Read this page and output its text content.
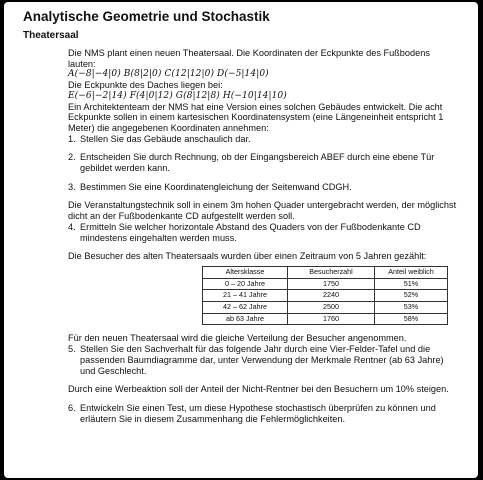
Analytische Geometrie und Stochastik
Theatersaal

Die NMS plant einen neuen Theatersaal. Die Koordinaten der Eckpunkte des Fußbodens lauten:

A(−8|−4|0) B(8|2|0) C(12|12|0) D(−5|14|0)

Die Eckpunkte des Daches liegen bei:

E(−6|−2|14) F(4|0|12) G(8|12|8) H(−10|14|10)

Ein Architektenteam der NMS hat eine Version eines solchen Gebäudes entwickelt. Die acht Eckpunkte sollen in einem kartesischen Koordinatensystem (eine Längeneinheit entspricht 1 Meter) die angegebenen Koordinaten annehmen:

1. Stellen Sie das Gebäude anschaulich dar.
2. Entscheiden Sie durch Rechnung, ob der Eingangsbereich ABEF durch eine ebene Tür gebildet werden kann.
3. Bestimmen Sie eine Koordinatengleichung der Seitenwand CDGH.

Die Veranstaltungstechnik soll in einem 3m hohen Quader untergebracht werden, der möglichst dicht an der Fußbodenkante CD aufgestellt werden soll.

4. Ermitteln Sie welcher horizontale Abstand des Quaders von der Fußbodenkante CD mindestens eingehalten werden muss.

Die Besucher des alten Theatersaals wurden über einen Zeitraum von 5 Jahren gezählt:

Altersklasse	Besucherzahl	Anteil weiblich
0 – 20 Jahre	1750	51%
21 – 41 Jahre	2240	52%
42 – 62 Jahre	2500	53%
ab 63 Jahre	1760	58%

Für den neuen Theatersaal wird die gleiche Verteilung der Besucher angenommen.

5. Stellen Sie den Sachverhalt für das folgende Jahr durch eine Vier-Felder-Tafel und die passenden Baumdiagramme dar, unter Verwendung der Merkmale Rentner (ab 63 Jahre) und Geschlecht.

Durch eine Werbeaktion soll der Anteil der Nicht-Rentner bei den Besuchern um 10% steigen.

6. Entwickeln Sie einen Test, um diese Hypothese stochastisch überprüfen zu können und erläutern Sie in diesem Zusammenhang die Fehlermöglichkeiten.
